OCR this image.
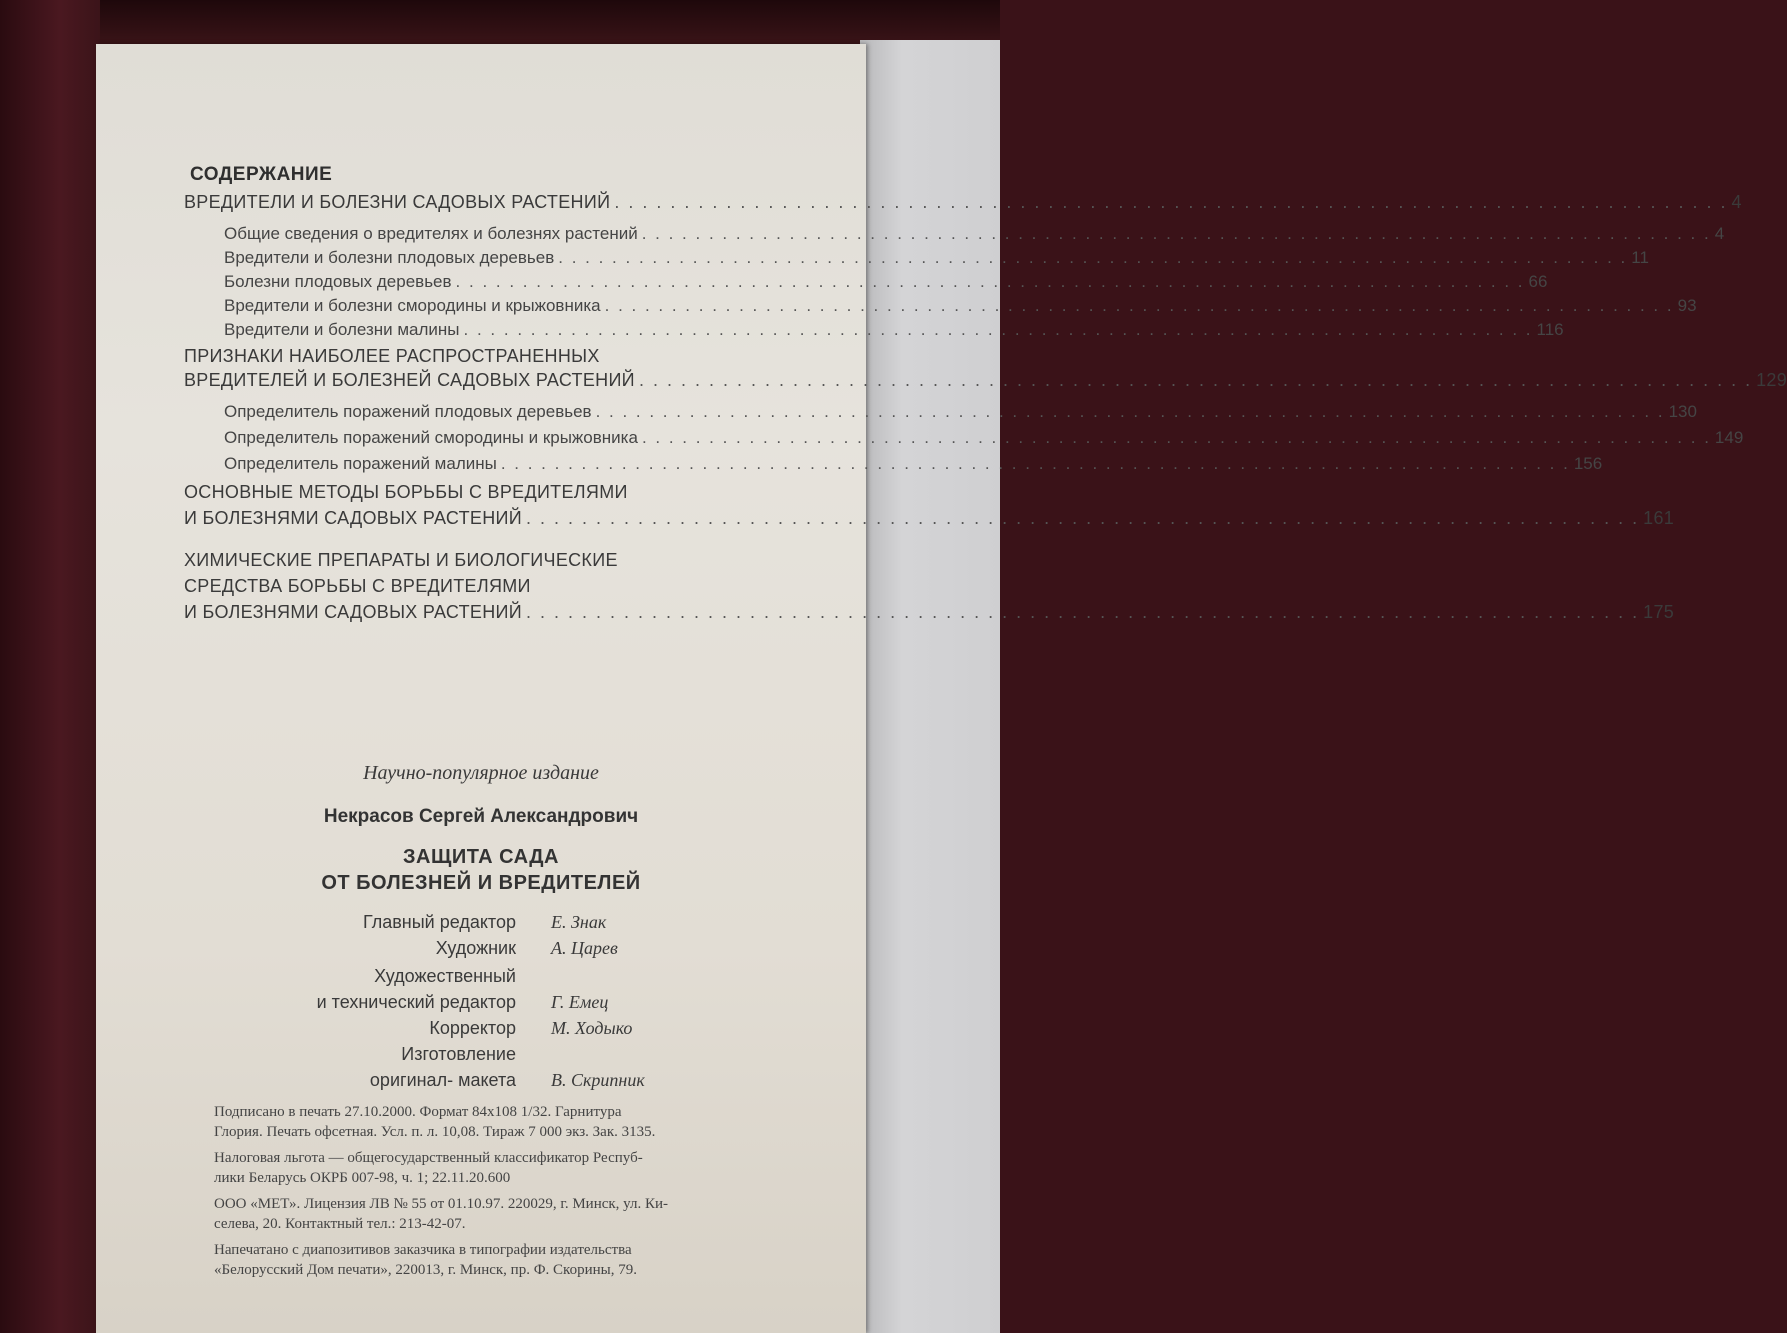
СОДЕРЖАНИЕ
ВРЕДИТЕЛИ И БОЛЕЗНИ САДОВЫХ РАСТЕНИЙ . . . . . . . . . . . . . . . . . . . . . . . . . . . . . . . . . . . . . . . . . . . . . . . . . . . . . . . . . . . . . . . . . . . . . . . . . . . . . . . . 4
Общие сведения о вредителях и болезнях растений . . . . . . . . . . . . . . . . . . . . . . . . . . . . . . . . . . . . . . . . . . . . . . . . . . . . . . . . . . . . . . . . . . . . . . . . . . . . . . . . 4
Вредители и болезни плодовых деревьев . . . . . . . . . . . . . . . . . . . . . . . . . . . . . . . . . . . . . . . . . . . . . . . . . . . . . . . . . . . . . . . . . . . . . . . . . . . . . . . . 11
Болезни плодовых деревьев . . . . . . . . . . . . . . . . . . . . . . . . . . . . . . . . . . . . . . . . . . . . . . . . . . . . . . . . . . . . . . . . . . . . . . . . . . . . . . . . 66
Вредители и болезни смородины и крыжовника . . . . . . . . . . . . . . . . . . . . . . . . . . . . . . . . . . . . . . . . . . . . . . . . . . . . . . . . . . . . . . . . . . . . . . . . . . . . . . . . 93
Вредители и болезни малины . . . . . . . . . . . . . . . . . . . . . . . . . . . . . . . . . . . . . . . . . . . . . . . . . . . . . . . . . . . . . . . . . . . . . . . . . . . . . . . . 116
ПРИЗНАКИ НАИБОЛЕЕ РАСПРОСТРАНЕННЫХ
ВРЕДИТЕЛЕЙ И БОЛЕЗНЕЙ САДОВЫХ РАСТЕНИЙ . . . . . . . . . . . . . . . . . . . . . . . . . . . . . . . . . . . . . . . . . . . . . . . . . . . . . . . . . . . . . . . . . . . . . . . . . . . . . . . . 129
Определитель поражений плодовых деревьев . . . . . . . . . . . . . . . . . . . . . . . . . . . . . . . . . . . . . . . . . . . . . . . . . . . . . . . . . . . . . . . . . . . . . . . . . . . . . . . . 130
Определитель поражений смородины и крыжовника . . . . . . . . . . . . . . . . . . . . . . . . . . . . . . . . . . . . . . . . . . . . . . . . . . . . . . . . . . . . . . . . . . . . . . . . . . . . . . . . 149
Определитель поражений малины . . . . . . . . . . . . . . . . . . . . . . . . . . . . . . . . . . . . . . . . . . . . . . . . . . . . . . . . . . . . . . . . . . . . . . . . . . . . . . . . 156
ОСНОВНЫЕ МЕТОДЫ БОРЬБЫ С ВРЕДИТЕЛЯМИ
И БОЛЕЗНЯМИ САДОВЫХ РАСТЕНИЙ . . . . . . . . . . . . . . . . . . . . . . . . . . . . . . . . . . . . . . . . . . . . . . . . . . . . . . . . . . . . . . . . . . . . . . . . . . . . . . . . 161
ХИМИЧЕСКИЕ ПРЕПАРАТЫ И БИОЛОГИЧЕСКИЕ
СРЕДСТВА БОРЬБЫ С ВРЕДИТЕЛЯМИ
И БОЛЕЗНЯМИ САДОВЫХ РАСТЕНИЙ . . . . . . . . . . . . . . . . . . . . . . . . . . . . . . . . . . . . . . . . . . . . . . . . . . . . . . . . . . . . . . . . . . . . . . . . . . . . . . . . 175
Научно-популярное издание
Некрасов Сергей Александрович
ЗАЩИТА САДА
ОТ БОЛЕЗНЕЙ И ВРЕДИТЕЛЕЙ
Главный редактор Е. Знак
Художник А. Царев
Художественный
и технический редактор Г. Емец
Корректор М. Ходыко
Изготовление
оригинал- макета В. Скрипник
Подписано в печать 27.10.2000. Формат 84х108 1/32. Гарнитура
Глория. Печать офсетная. Усл. п. л. 10,08. Тираж 7 000 экз. Зак. 3135.
Налоговая льгота — общегосударственный классификатор Респуб-
лики Беларусь ОКРБ 007-98, ч. 1; 22.11.20.600
ООО «МЕТ». Лицензия ЛВ № 55 от 01.10.97. 220029, г. Минск, ул. Ки-
селева, 20. Контактный тел.: 213-42-07.
Напечатано с диапозитивов заказчика в типографии издательства
«Белорусский Дом печати», 220013, г. Минск, пр. Ф. Скорины, 79.
